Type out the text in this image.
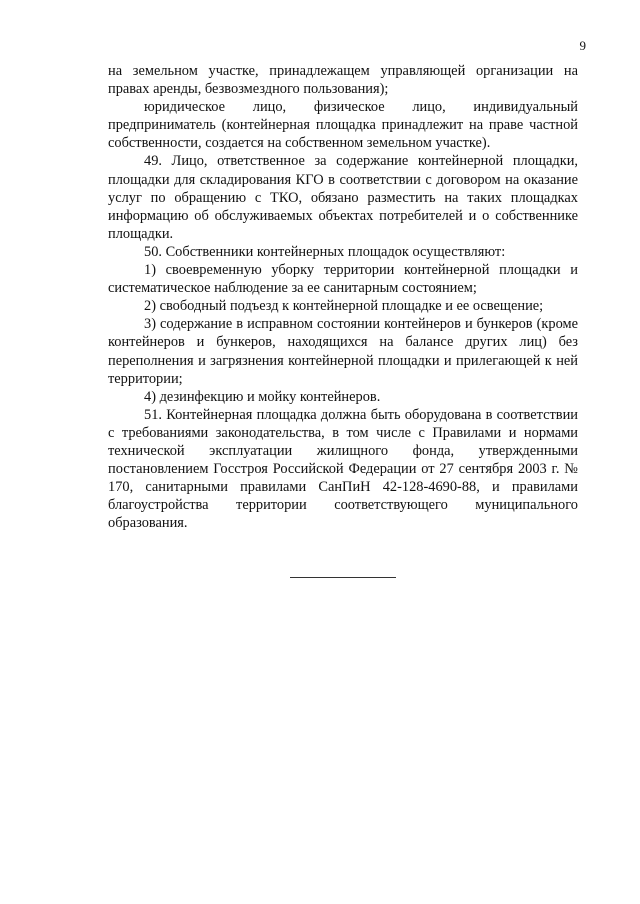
9

на земельном участке, принадлежащем управляющей организации на правах аренды, безвозмездного пользования);

юридическое лицо, физическое лицо, индивидуальный предприниматель (контейнерная площадка принадлежит на праве частной собственности, создается на собственном земельном участке).

49. Лицо, ответственное за содержание контейнерной площадки, площадки для складирования КГО в соответствии с договором на оказание услуг по обращению с ТКО, обязано разместить на таких площадках информацию об обслуживаемых объектах потребителей и о собственнике площадки.

50. Собственники контейнерных площадок осуществляют:

1) своевременную уборку территории контейнерной площадки и систематическое наблюдение за ее санитарным состоянием;

2) свободный подъезд к контейнерной площадке и ее освещение;

3) содержание в исправном состоянии контейнеров и бункеров (кроме контейнеров и бункеров, находящихся на балансе других лиц) без переполнения и загрязнения контейнерной площадки и прилегающей к ней территории;

4) дезинфекцию и мойку контейнеров.

51. Контейнерная площадка должна быть оборудована в соответствии с требованиями законодательства, в том числе с Правилами и нормами технической эксплуатации жилищного фонда, утвержденными постановлением Госстроя Российской Федерации от 27 сентября 2003 г. № 170, санитарными правилами СанПиН 42-128-4690-88, и правилами благоустройства территории соответствующего муниципального образования.
